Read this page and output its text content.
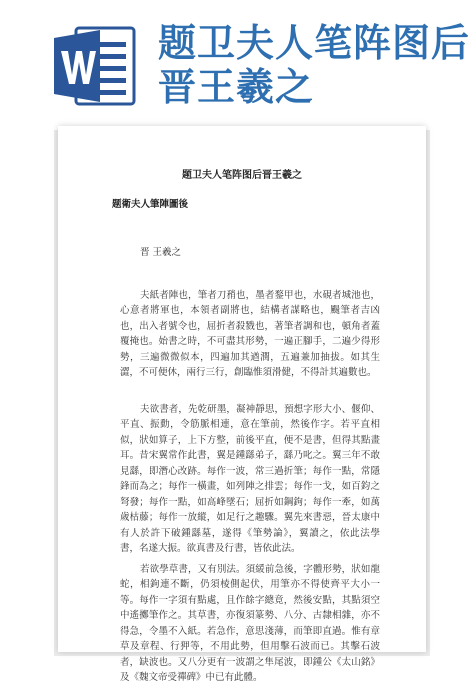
题卫夫人笔阵图后
晋王羲之
题卫夫人笔阵图后晋王羲之
题衛夫人筆陣圖後
晋 王羲之

夫紙者陣也，筆者刀矟也，墨者鍪甲也，水硯者城池也，心意者將軍也，本領者副將也，結構者謀略也，颺筆者吉凶也，出入者號令也，屈折者殺戮也，著筆者調和也，頓角者蓋覆掩也。始書之時，不可盡其形勢，一遍正腳手，二遍少得形勢，三遍微微似本，四遍加其遒潤，五遍兼加抽拔。如其生澀，不可便休，兩行三行，創臨惟須滑健，不得計其遍數也。

夫欲書者，先乾研墨，凝神靜思，預想字形大小、偃仰、平直、振動，令筋脈相連，意在筆前，然後作字。若平直相似，狀如算子，上下方整，前後平直，便不是書，但得其點畫耳。昔宋翼常作此書，翼是鍾繇弟子，繇乃叱之。翼三年不敢見繇，即潛心改跡。每作一波，常三過折筆；每作一點，常隱鋒而為之；每作一橫畫，如列陣之排雲；每作一戈，如百鈞之弩發；每作一點，如高峰墜石；屈折如鋼鉤；每作一牽，如萬歲枯藤；每作一放縱，如足行之趣驟。翼先來書惡，晉太康中有人於許下破鍾繇墓，遂得《筆勢論》，翼讀之，依此法學書，名遂大振。欲真書及行書，皆依此法。

若欲學草書，又有別法。須緩前急後，字體形勢，狀如龍蛇，相鉤連不斷，仍須棱側起伏，用筆亦不得使齊平大小一等。每作一字須有點處，且作餘字總竟，然後安點，其點須空中遙擲筆作之。其草書，亦復須篆勢、八分、古隸相雜，亦不得急，令墨不入紙。若急作，意思淺薄，而筆即直過。惟有章草及章程、行狎等，不用此勢，但用擊石波而已。其擊石波者，缺波也。又八分更有一波謂之隼尾波，即鍾公《太山銘》及《魏文帝受禪碑》中已有此體。
